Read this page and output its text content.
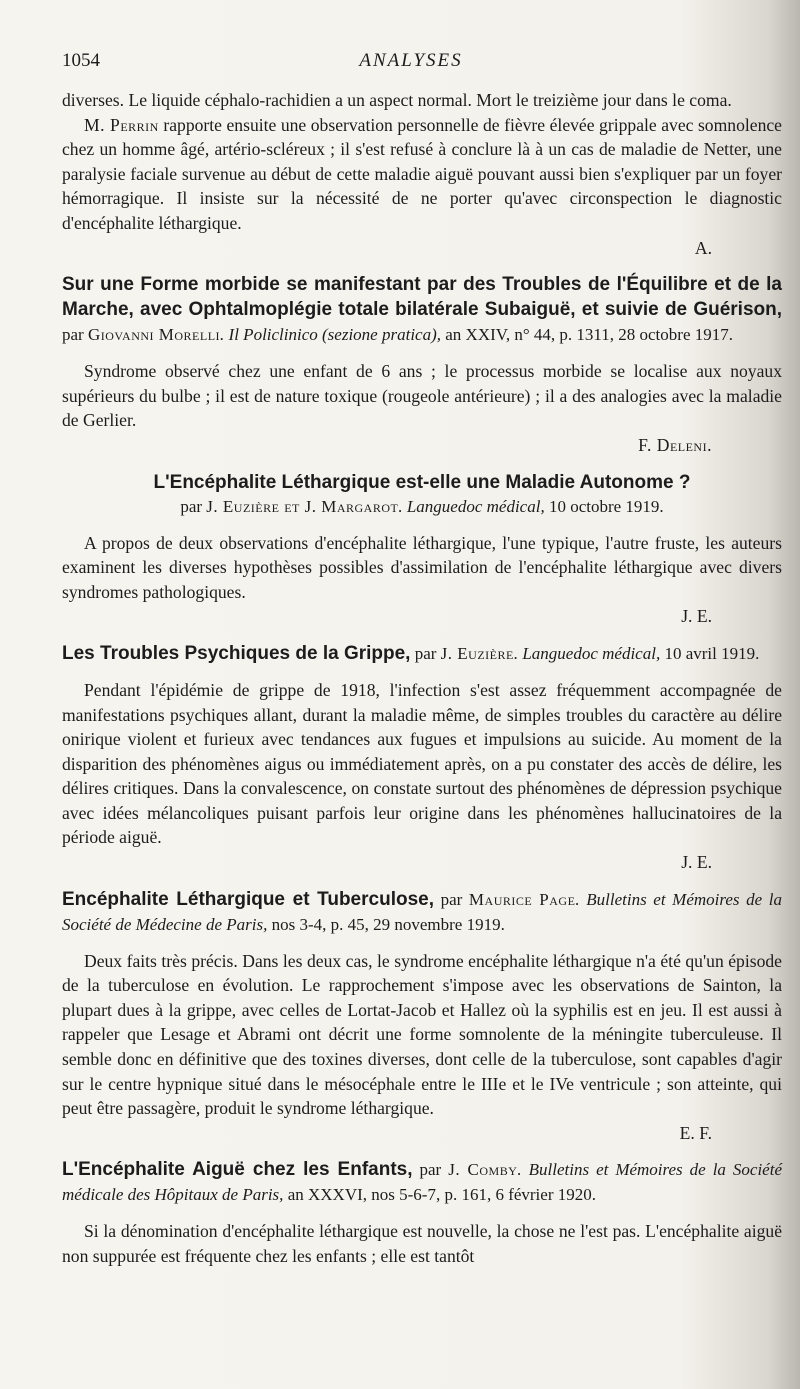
1054	ANALYSES

diverses. Le liquide céphalo-rachidien a un aspect normal. Mort le treizième jour dans le coma.

M. Perrin rapporte ensuite une observation personnelle de fièvre élevée grippale avec somnolence chez un homme âgé, artério-scléreux ; il s'est refusé à conclure là à un cas de maladie de Netter, une paralysie faciale survenue au début de cette maladie aiguë pouvant aussi bien s'expliquer par un foyer hémorragique. Il insiste sur la nécessité de ne porter qu'avec circonspection le diagnostic d'encéphalite léthargique.

A.

Sur une Forme morbide se manifestant par des Troubles de l'Équilibre et de la Marche, avec Ophtalmoplégie totale bilatérale Subaiguë, et suivie de Guérison, par Giovanni Morelli. Il Policlinico (sezione pratica), an XXIV, n° 44, p. 1311, 28 octobre 1917.

Syndrome observé chez une enfant de 6 ans ; le processus morbide se localise aux noyaux supérieurs du bulbe ; il est de nature toxique (rougeole antérieure) ; il a des analogies avec la maladie de Gerlier.

F. Deleni.

L'Encéphalite Léthargique est-elle une Maladie Autonome ?

par J. Euzière et J. Margarot. Languedoc médical, 10 octobre 1919.

A propos de deux observations d'encéphalite léthargique, l'une typique, l'autre fruste, les auteurs examinent les diverses hypothèses possibles d'assimilation de l'encéphalite léthargique avec divers syndromes pathologiques.

J. E.

Les Troubles Psychiques de la Grippe, par J. Euzière. Languedoc médical, 10 avril 1919.

Pendant l'épidémie de grippe de 1918, l'infection s'est assez fréquemment accompagnée de manifestations psychiques allant, durant la maladie même, de simples troubles du caractère au délire onirique violent et furieux avec tendances aux fugues et impulsions au suicide. Au moment de la disparition des phénomènes aigus ou immédiatement après, on a pu constater des accès de délire, les délires critiques. Dans la convalescence, on constate surtout des phénomènes de dépression psychique avec idées mélancoliques puisant parfois leur origine dans les phénomènes hallucinatoires de la période aiguë.

J. E.

Encéphalite Léthargique et Tuberculose, par Maurice Page. Bulletins et Mémoires de la Société de Médecine de Paris, nos 3-4, p. 45, 29 novembre 1919.

Deux faits très précis. Dans les deux cas, le syndrome encéphalite léthargique n'a été qu'un épisode de la tuberculose en évolution. Le rapprochement s'impose avec les observations de Sainton, la plupart dues à la grippe, avec celles de Lortat-Jacob et Hallez où la syphilis est en jeu. Il est aussi à rappeler que Lesage et Abrami ont décrit une forme somnolente de la méningite tuberculeuse. Il semble donc en définitive que des toxines diverses, dont celle de la tuberculose, sont capables d'agir sur le centre hypnique situé dans le mésocéphale entre le IIIe et le IVe ventricule ; son atteinte, qui peut être passagère, produit le syndrome léthargique.

E. F.

L'Encéphalite Aiguë chez les Enfants, par J. Comby. Bulletins et Mémoires de la Société médicale des Hôpitaux de Paris, an XXXVI, nos 5-6-7, p. 161, 6 février 1920.

Si la dénomination d'encéphalite léthargique est nouvelle, la chose ne l'est pas. L'encéphalite aiguë non suppurée est fréquente chez les enfants ; elle est tantôt
